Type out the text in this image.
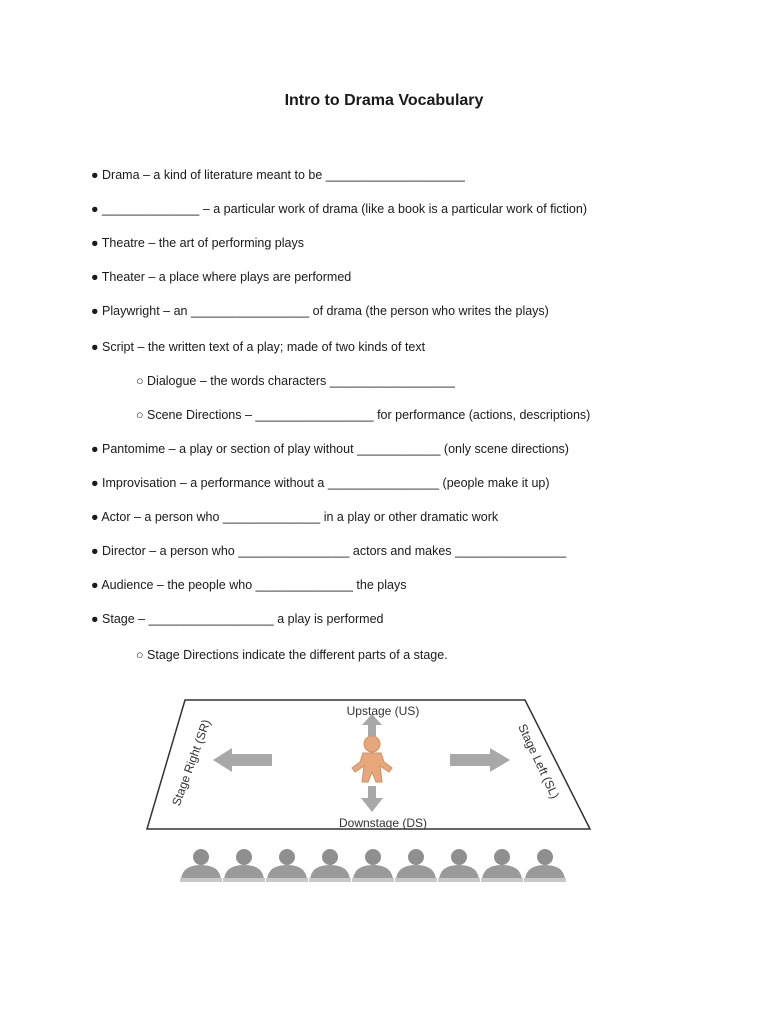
Intro to Drama Vocabulary
● Drama – a kind of literature meant to be ____________________
● ______________ – a particular work of drama (like a book is a particular work of fiction)
● Theatre – the art of performing plays
● Theater – a place where plays are performed
● Playwright – an _________________ of drama (the person who writes the plays)
● Script – the written text of a play; made of two kinds of text
○ Dialogue – the words characters __________________
○ Scene Directions – _________________ for performance (actions, descriptions)
● Pantomime – a play or section of play without ____________ (only scene directions)
● Improvisation – a performance without a ________________ (people make it up)
● Actor – a person who ______________ in a play or other dramatic work
● Director – a person who ________________ actors and makes ________________
● Audience – the people who ______________ the plays
● Stage – __________________ a play is performed
○ Stage Directions indicate the different parts of a stage.
Upstage (US)
Downstage (DS)
Stage Right (SR)	Stage Left (SL)
